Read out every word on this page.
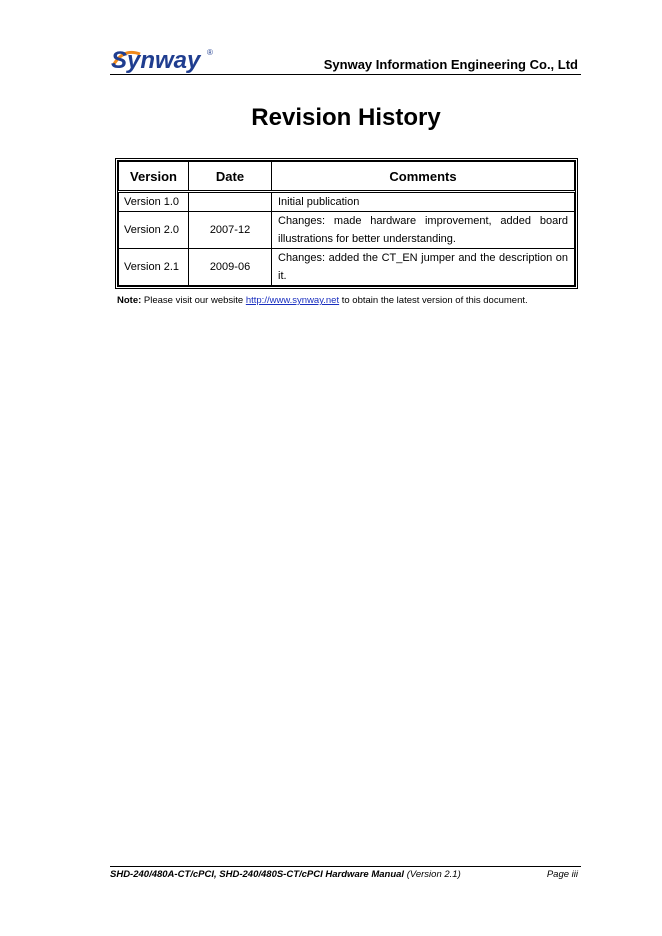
Synway ®
Synway Information Engineering Co., Ltd
Revision History
Version	Date	Comments
Version 1.0		Initial publication
Version 2.0	2007-12	Changes: made hardware improvement, added board illustrations for better understanding.
Version 2.1	2009-06	Changes: added the CT_EN jumper and the description on it.
Note: Please visit our website http://www.synway.net to obtain the latest version of this document.
SHD-240/480A-CT/cPCI, SHD-240/480S-CT/cPCI Hardware Manual (Version 2.1)	Page iii
